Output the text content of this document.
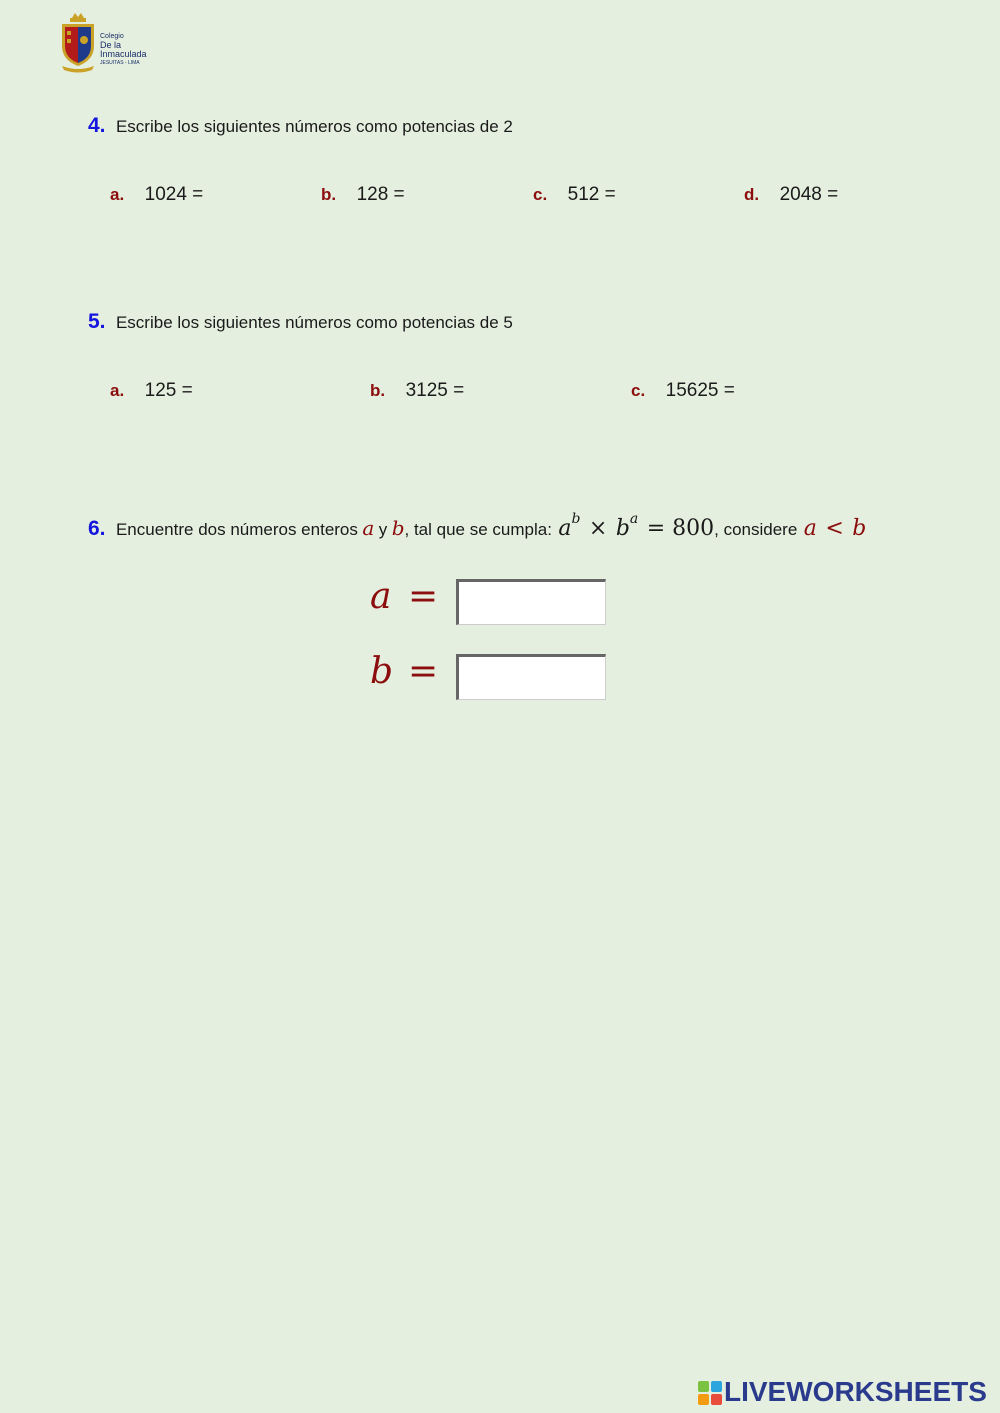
Colegio
De la Inmaculada
JESUITAS - LIMA
4. Escribe los siguientes números como potencias de 2
a. 1024 =	b. 128 =	c. 512 =	d. 2048 =
5. Escribe los siguientes números como potencias de 5
a. 125 =	b. 3125 =	c. 15625 =
6. Encuentre dos números enteros a y b, tal que se cumpla: $a^b \times b^a = 800$, considere a < b
a =
b =
LIVEWORKSHEETS
